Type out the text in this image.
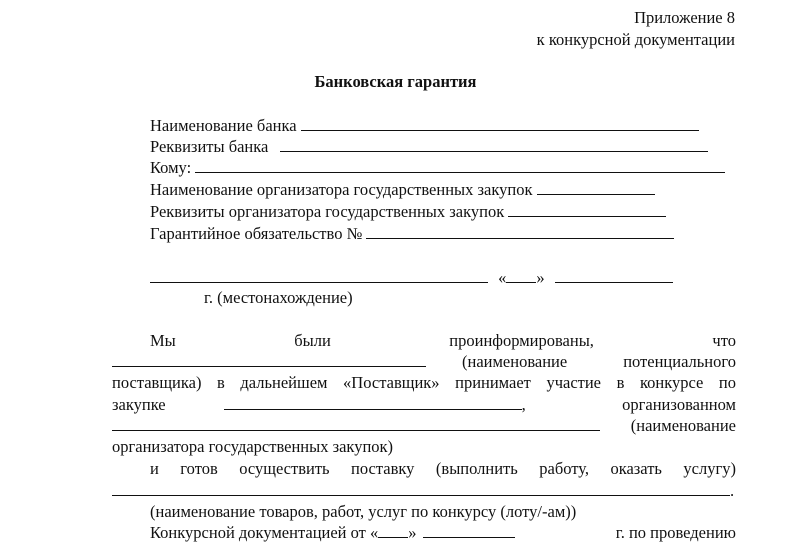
Приложение 8
к конкурсной документации
Банковская гарантия
Наименование банка
Реквизиты банка
Кому:
Наименование организатора государственных закупок
Реквизиты организатора государственных закупок
Гарантийное обязательство №
« »
г. (местонахождение)
Мы	были	проинформированы,	что
(наименование	потенциального
поставщика) в дальнейшем «Поставщик» принимает участие в конкурсе по
закупке	,	организованном
(наименование
организатора государственных закупок)
и готов осуществить поставку (выполнить работу, оказать услугу)
.
(наименование товаров, работ, услуг по конкурсу (лоту/-ам))
Конкурсной документацией от « »	г. по проведению
